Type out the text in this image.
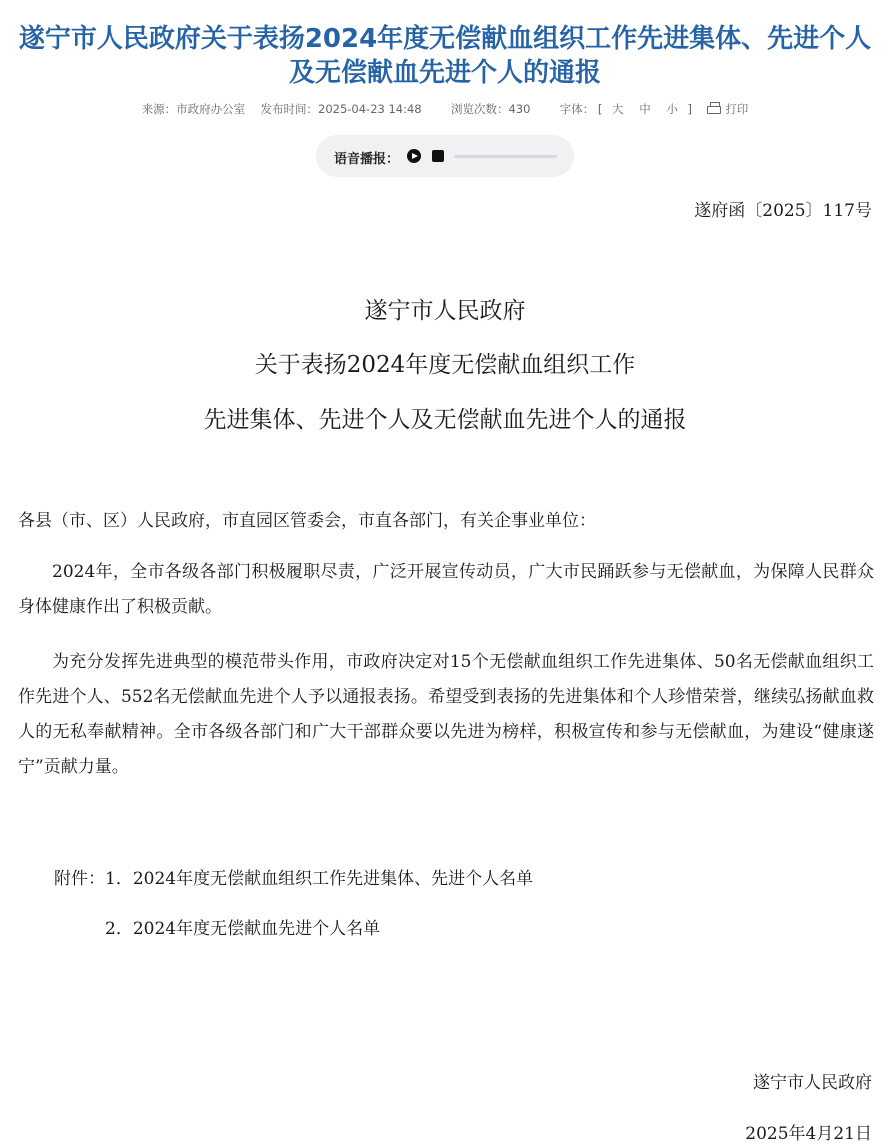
遂宁市人民政府关于表扬2024年度无偿献血组织工作先进集体、先进个人及无偿献血先进个人的通报
来源：市政府办公室 发布时间：2025-04-23 14:48	浏览次数：430	字体： [ 大 中 小 ]	打印
语音播报：
遂府函〔2025〕117号
遂宁市人民政府
关于表扬2024年度无偿献血组织工作
先进集体、先进个人及无偿献血先进个人的通报

各县（市、区）人民政府，市直园区管委会，市直各部门，有关企事业单位：

2024年，全市各级各部门积极履职尽责，广泛开展宣传动员，广大市民踊跃参与无偿献血，为保障人民群众身体健康作出了积极贡献。

为充分发挥先进典型的模范带头作用，市政府决定对15个无偿献血组织工作先进集体、50名无偿献血组织工作先进个人、552名无偿献血先进个人予以通报表扬。希望受到表扬的先进集体和个人珍惜荣誉，继续弘扬献血救人的无私奉献精神。全市各级各部门和广大干部群众要以先进为榜样，积极宣传和参与无偿献血，为建设“健康遂宁”贡献力量。

附件：1．2024年度无偿献血组织工作先进集体、先进个人名单
2．2024年度无偿献血先进个人名单
遂宁市人民政府
2025年4月21日
